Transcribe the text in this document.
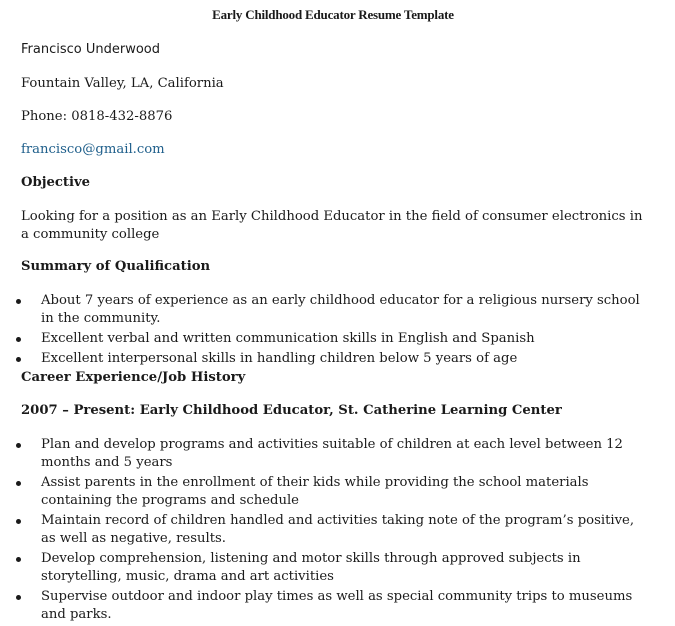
Early Childhood Educator Resume Template
Francisco Underwood
Fountain Valley, LA, California
Phone: 0818-432-8876
francisco@gmail.com
Objective
Looking for a position as an Early Childhood Educator in the field of consumer electronics in a community college
Summary of Qualification
About 7 years of experience as an early childhood educator for a religious nursery school in the community.
Excellent verbal and written communication skills in English and Spanish
Excellent interpersonal skills in handling children below 5 years of age
Career Experience/Job History
2007 – Present: Early Childhood Educator, St. Catherine Learning Center
Plan and develop programs and activities suitable of children at each level between 12 months and 5 years
Assist parents in the enrollment of their kids while providing the school materials containing the programs and schedule
Maintain record of children handled and activities taking note of the program’s positive, as well as negative, results.
Develop comprehension, listening and motor skills through approved subjects in storytelling, music, drama and art activities
Supervise outdoor and indoor play times as well as special community trips to museums and parks.
